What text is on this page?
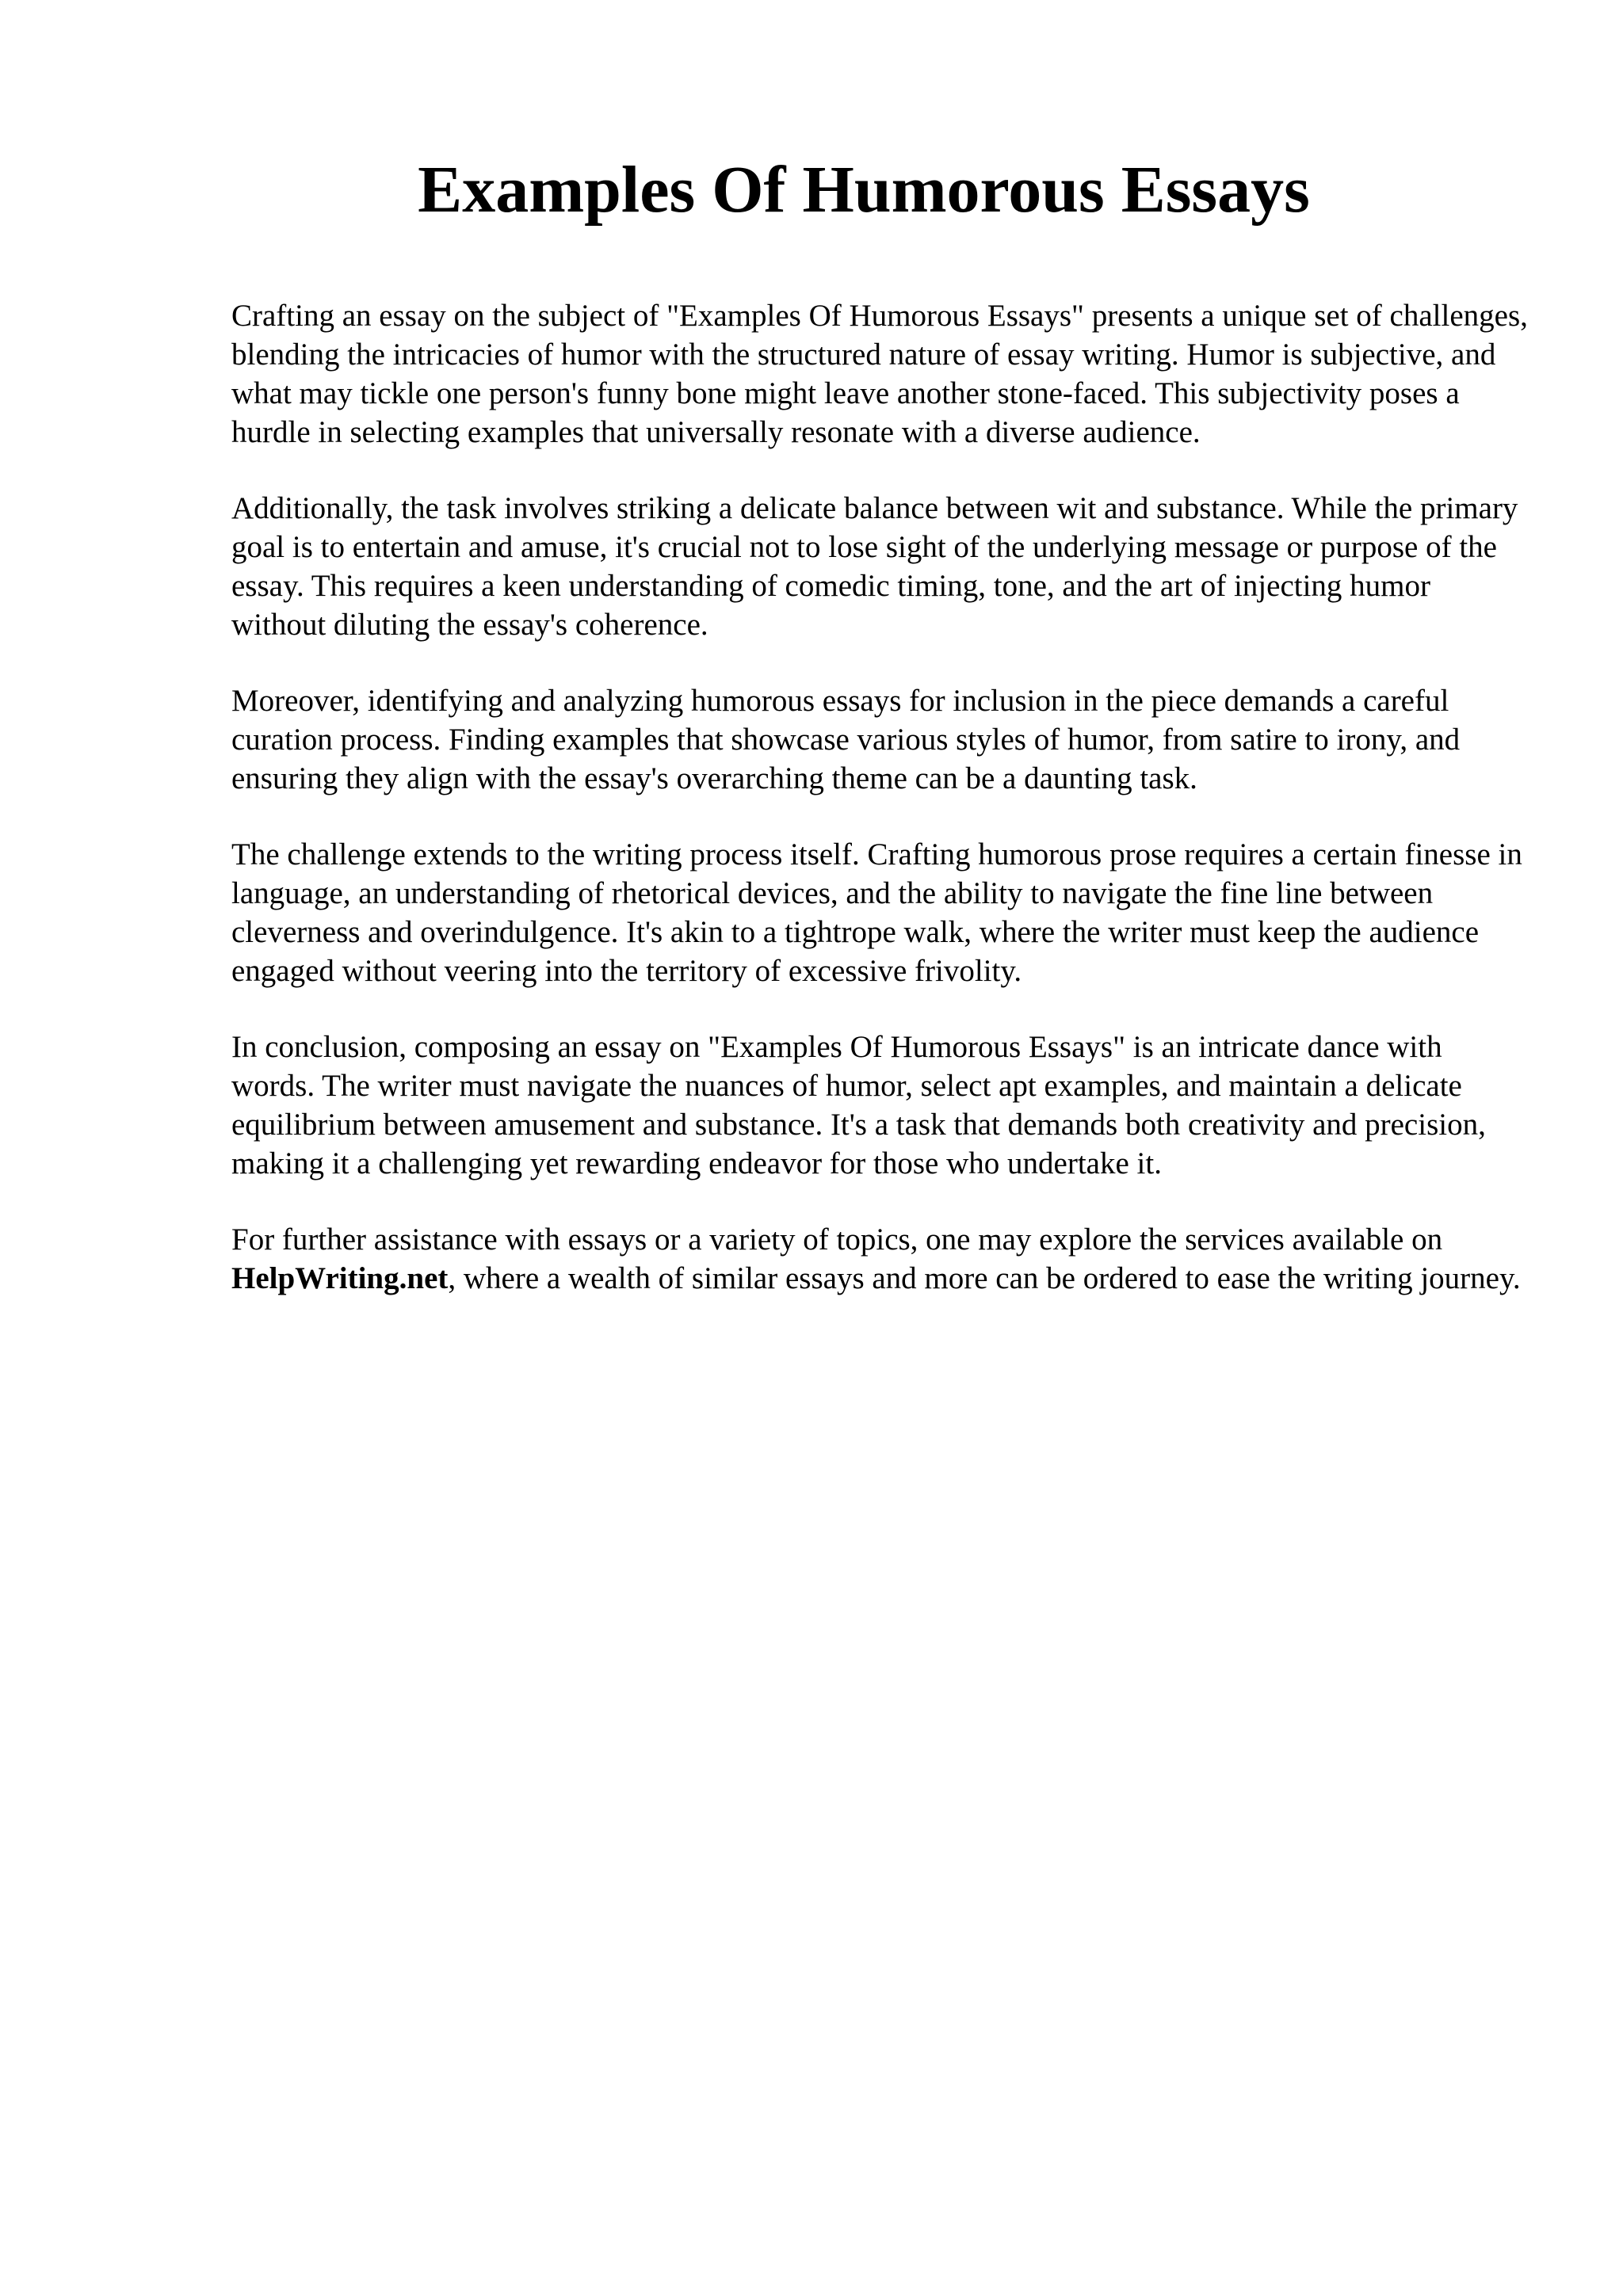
Examples Of Humorous Essays

Crafting an essay on the subject of "Examples Of Humorous Essays" presents a unique set of challenges, blending the intricacies of humor with the structured nature of essay writing. Humor is subjective, and what may tickle one person's funny bone might leave another stone-faced. This subjectivity poses a hurdle in selecting examples that universally resonate with a diverse audience.

Additionally, the task involves striking a delicate balance between wit and substance. While the primary goal is to entertain and amuse, it's crucial not to lose sight of the underlying message or purpose of the essay. This requires a keen understanding of comedic timing, tone, and the art of injecting humor without diluting the essay's coherence.

Moreover, identifying and analyzing humorous essays for inclusion in the piece demands a careful curation process. Finding examples that showcase various styles of humor, from satire to irony, and ensuring they align with the essay's overarching theme can be a daunting task.

The challenge extends to the writing process itself. Crafting humorous prose requires a certain finesse in language, an understanding of rhetorical devices, and the ability to navigate the fine line between cleverness and overindulgence. It's akin to a tightrope walk, where the writer must keep the audience engaged without veering into the territory of excessive frivolity.

In conclusion, composing an essay on "Examples Of Humorous Essays" is an intricate dance with words. The writer must navigate the nuances of humor, select apt examples, and maintain a delicate equilibrium between amusement and substance. It's a task that demands both creativity and precision, making it a challenging yet rewarding endeavor for those who undertake it.

For further assistance with essays or a variety of topics, one may explore the services available on HelpWriting.net, where a wealth of similar essays and more can be ordered to ease the writing journey.
